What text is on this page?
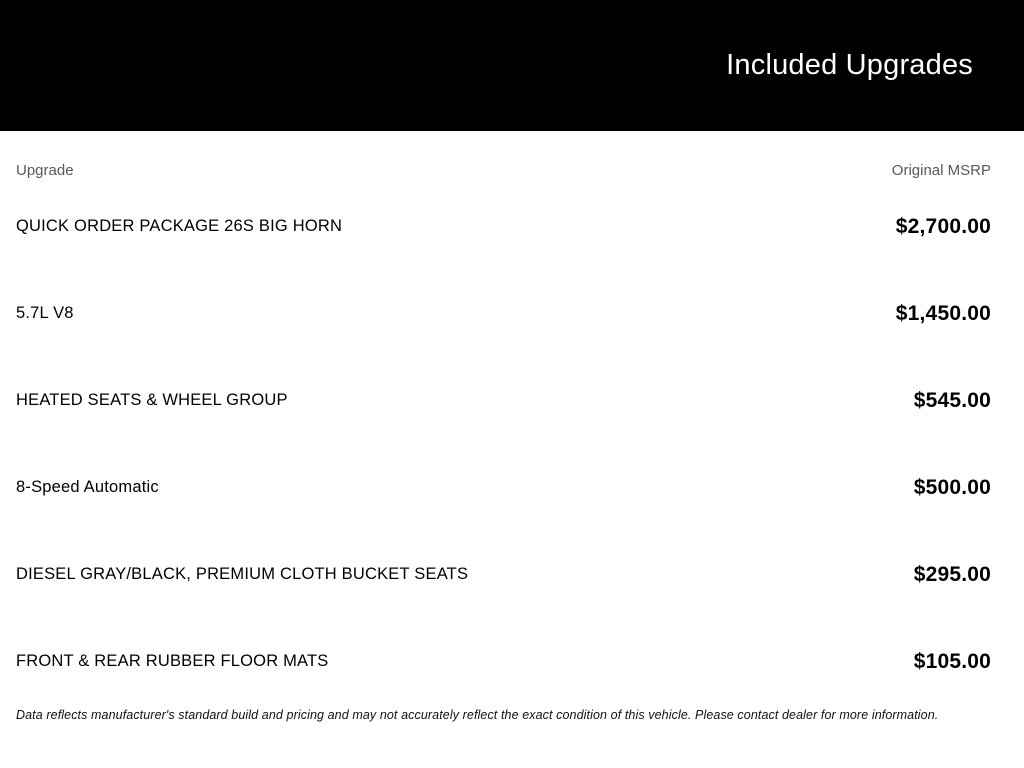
Included Upgrades
Upgrade	Original MSRP
QUICK ORDER PACKAGE 26S BIG HORN	$2,700.00
5.7L V8	$1,450.00
HEATED SEATS & WHEEL GROUP	$545.00
8-Speed Automatic	$500.00
DIESEL GRAY/BLACK, PREMIUM CLOTH BUCKET SEATS	$295.00
FRONT & REAR RUBBER FLOOR MATS	$105.00
Data reflects manufacturer's standard build and pricing and may not accurately reflect the exact condition of this vehicle. Please contact dealer for more information.
